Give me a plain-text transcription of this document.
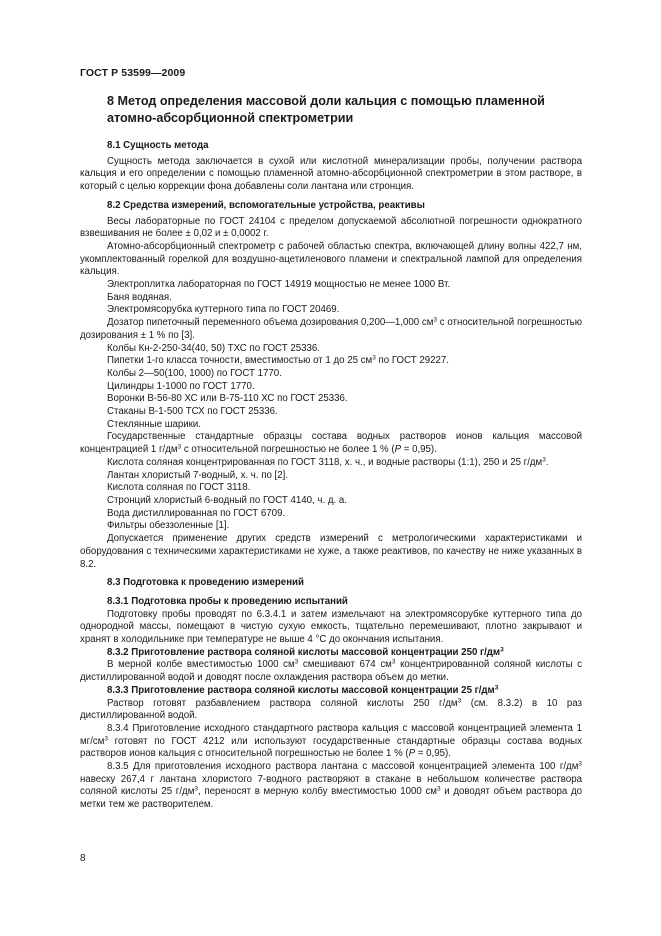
ГОСТ Р 53599—2009
8 Метод определения массовой доли кальция с помощью пламенной
атомно-абсорбционной спектрометрии
8.1 Сущность метода

Сущность метода заключается в сухой или кислотной минерализации пробы, получении раствора кальция и его определении с помощью пламенной атомно-абсорбционной спектрометрии в этом растворе, в который с целью коррекции фона добавлены соли лантана или стронция.

8.2 Средства измерений, вспомогательные устройства, реактивы

Весы лабораторные по ГОСТ 24104 с пределом допускаемой абсолютной погрешности однократного взвешивания не более ± 0,02 и ± 0,0002 г.

Атомно-абсорбционный спектрометр с рабочей областью спектра, включающей длину волны 422,7 нм, укомплектованный горелкой для воздушно-ацетиленового пламени и спектральной лампой для определения кальция.

Электроплитка лабораторная по ГОСТ 14919 мощностью не менее 1000 Вт.

Баня водяная.

Электромясорубка куттерного типа по ГОСТ 20469.

Дозатор пипеточный переменного объема дозирования 0,200—1,000 $см^3$ с относительной погрешностью дозирования ± 1 % по [3].

Колбы Кн-2-250-34(40, 50) ТХС по ГОСТ 25336.

Пипетки 1-го класса точности, вместимостью от 1 до 25 $см^3$ по ГОСТ 29227.

Колбы 2—50(100, 1000) по ГОСТ 1770.

Цилиндры 1-1000 по ГОСТ 1770.

Воронки В-56-80 ХС или В-75-110 ХС по ГОСТ 25336.

Стаканы В-1-500 ТСХ по ГОСТ 25336.

Стеклянные шарики.

Государственные стандартные образцы состава водных растворов ионов кальция массовой концентрацией 1 $г/дм^3$ с относительной погрешностью не более 1 % (Р = 0,95).

Кислота соляная концентрированная по ГОСТ 3118, х. ч., и водные растворы (1:1), 250 и 25 $г/дм^3$.

Лантан хлористый 7-водный, х. ч. по [2].

Кислота соляная по ГОСТ 3118.

Стронций хлористый 6-водный по ГОСТ 4140, ч. д. а.

Вода дистиллированная по ГОСТ 6709.

Фильтры обеззоленные [1].

Допускается применение других средств измерений с метрологическими характеристиками и оборудования с техническими характеристиками не хуже, а также реактивов, по качеству не ниже указанных в 8.2.

8.3 Подготовка к проведению измерений
8.3.1 Подготовка пробы к проведению испытаний

Подготовку пробы проводят по 6.3.4.1 и затем измельчают на электромясорубке куттерного типа до однородной массы, помещают в чистую сухую емкость, тщательно перемешивают, плотно закрывают и хранят в холодильнике при температуре не выше 4 °С до окончания испытания.

8.3.2 Приготовление раствора соляной кислоты массовой концентрации 250 $г/дм^3$

В мерной колбе вместимостью 1000 $см^3$ смешивают 674 $см^3$ концентрированной соляной кислоты с дистиллированной водой и доводят после охлаждения раствора объем до метки.

8.3.3 Приготовление раствора соляной кислоты массовой концентрации 25 $г/дм^3$

Раствор готовят разбавлением раствора соляной кислоты 250 $г/дм^3$ (см. 8.3.2) в 10 раз дистиллированной водой.

8.3.4 Приготовление исходного стандартного раствора кальция с массовой концентрацией элемента 1 $мг/см^3$ готовят по ГОСТ 4212 или используют государственные стандартные образцы состава водных растворов ионов кальция с относительной погрешностью не более 1 % (Р = 0,95).

8.3.5 Для приготовления исходного раствора лантана с массовой концентрацией элемента 100 $г/дм^3$ навеску 267,4 г лантана хлористого 7-водного растворяют в стакане в небольшом количестве раствора соляной кислоты 25 $г/дм^3$, переносят в мерную колбу вместимостью 1000 $см^3$ и доводят объем раствора до метки тем же растворителем.

8
